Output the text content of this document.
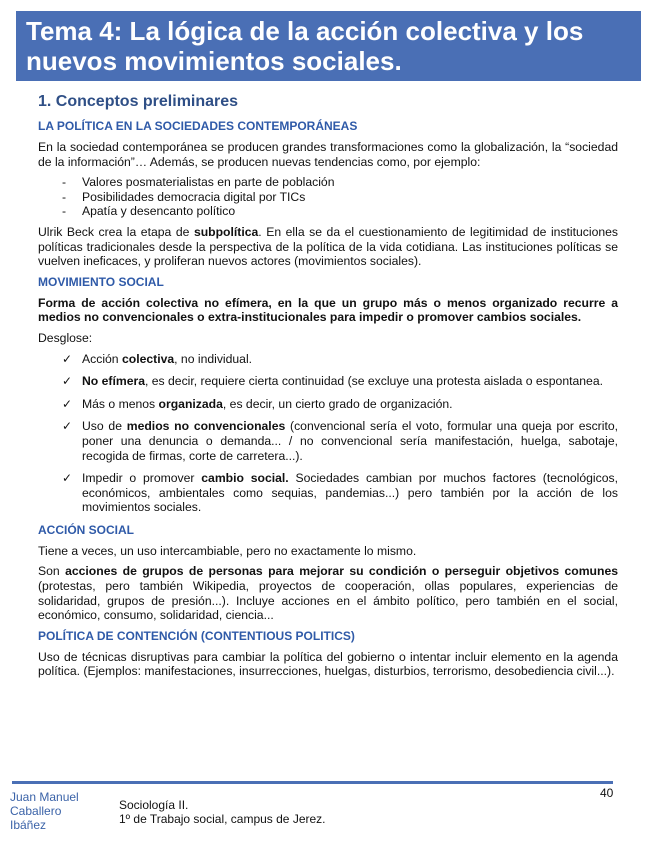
Tema 4: La lógica de la acción colectiva y los nuevos movimientos sociales.
1. Conceptos preliminares
LA POLÍTICA EN LA SOCIEDADES CONTEMPORÁNEAS

En la sociedad contemporánea se producen grandes transformaciones como la globalización, la “sociedad de la información”… Además, se producen nuevas tendencias como, por ejemplo:

- Valores posmaterialistas en parte de población
- Posibilidades democracia digital por TICs
- Apatía y desencanto político

Ulrik Beck crea la etapa de subpolítica. En ella se da el cuestionamiento de legitimidad de instituciones políticas tradicionales desde la perspectiva de la política de la vida cotidiana. Las instituciones políticas se vuelven ineficaces, y proliferan nuevos actores (movimientos sociales).

MOVIMIENTO SOCIAL

Forma de acción colectiva no efímera, en la que un grupo más o menos organizado recurre a medios no convencionales o extra-institucionales para impedir o promover cambios sociales.

Desglose:

✓ Acción colectiva, no individual.
✓ No efímera, es decir, requiere cierta continuidad (se excluye una protesta aislada o espontanea.
✓ Más o menos organizada, es decir, un cierto grado de organización.
✓ Uso de medios no convencionales (convencional sería el voto, formular una queja por escrito, poner una denuncia o demanda... / no convencional sería manifestación, huelga, sabotaje, recogida de firmas, corte de carretera...).
✓ Impedir o promover cambio social. Sociedades cambian por muchos factores (tecnológicos, económicos, ambientales como sequias, pandemias...) pero también por la acción de los movimientos sociales.
ACCIÓN SOCIAL

Tiene a veces, un uso intercambiable, pero no exactamente lo mismo.

Son acciones de grupos de personas para mejorar su condición o perseguir objetivos comunes (protestas, pero también Wikipedia, proyectos de cooperación, ollas populares, experiencias de solidaridad, grupos de presión...). Incluye acciones en el ámbito político, pero también en el social, económico, consumo, solidaridad, ciencia...

POLÍTICA DE CONTENCIÓN (CONTENTIOUS POLITICS)

Uso de técnicas disruptivas para cambiar la política del gobierno o intentar incluir elemento en la agenda política. (Ejemplos: manifestaciones, insurrecciones, huelgas, disturbios, terrorismo, desobediencia civil...).

40
Juan Manuel Caballero Ibáñez
Sociología II.
1º de Trabajo social, campus de Jerez.
